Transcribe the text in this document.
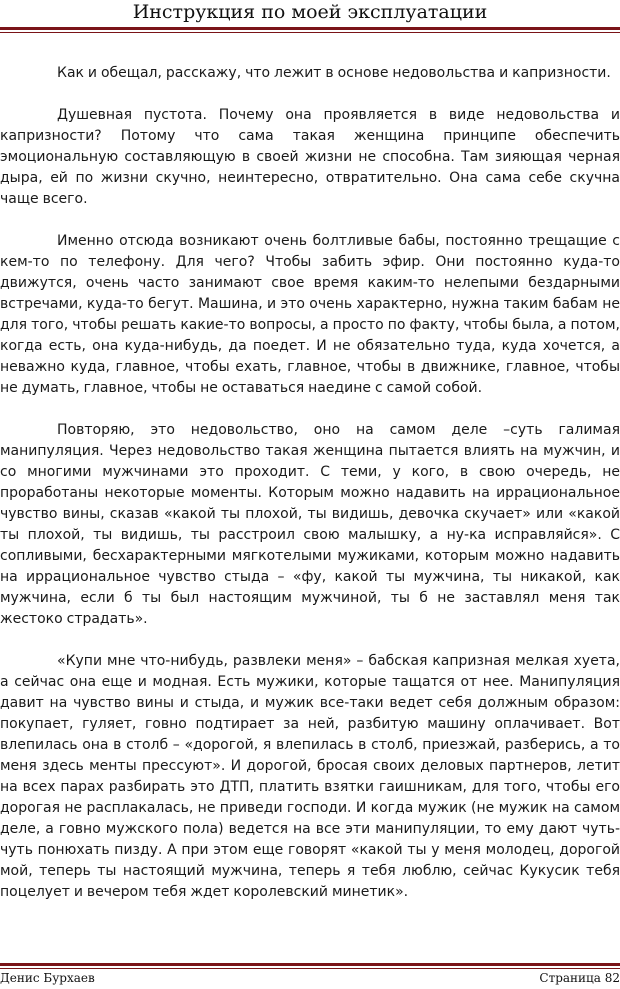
Инструкция по моей эксплуатации

Как и обещал, расскажу, что лежит в основе недовольства и капризности.

Душевная пустота. Почему она проявляется в виде недовольства и капризности? Потому что сама такая женщина принципе обеспечить эмоциональную составляющую в своей жизни не способна. Там зияющая черная дыра, ей по жизни скучно, неинтересно, отвратительно. Она сама себе скучна чаще всего.

Именно отсюда возникают очень болтливые бабы, постоянно трещащие с кем-то по телефону. Для чего? Чтобы забить эфир. Они постоянно куда-то движутся, очень часто занимают свое время каким-то нелепыми бездарными встречами, куда-то бегут. Машина, и это очень характерно, нужна таким бабам не для того, чтобы решать какие-то вопросы, а просто по факту, чтобы была, а потом, когда есть, она куда-нибудь, да поедет. И не обязательно туда, куда хочется, а неважно куда, главное, чтобы ехать, главное, чтобы в движнике, главное, чтобы не думать, главное, чтобы не оставаться наедине с самой собой.

Повторяю, это недовольство, оно на самом деле –суть галимая манипуляция. Через недовольство такая женщина пытается влиять на мужчин, и со многими мужчинами это проходит. С теми, у кого, в свою очередь, не проработаны некоторые моменты. Которым можно надавить на иррациональное чувство вины, сказав «какой ты плохой, ты видишь, девочка скучает» или «какой ты плохой, ты видишь, ты расстроил свою малышку, а ну-ка исправляйся». С сопливыми, бесхарактерными мягкотелыми мужиками, которым можно надавить на иррациональное чувство стыда – «фу, какой ты мужчина, ты никакой, как мужчина, если б ты был настоящим мужчиной, ты б не заставлял меня так жестоко страдать».

«Купи мне что-нибудь, развлеки меня» – бабская капризная мелкая хуета, а сейчас она еще и модная. Есть мужики, которые тащатся от нее. Манипуляция давит на чувство вины и стыда, и мужик все-таки ведет себя должным образом: покупает, гуляет, говно подтирает за ней, разбитую машину оплачивает. Вот влепилась она в столб – «дорогой, я влепилась в столб, приезжай, разберись, а то меня здесь менты прессуют». И дорогой, бросая своих деловых партнеров, летит на всех парах разбирать это ДТП, платить взятки гаишникам, для того, чтобы его дорогая не расплакалась, не приведи господи. И когда мужик (не мужик на самом деле, а говно мужского пола) ведется на все эти манипуляции, то ему дают чуть-чуть понюхать пизду. А при этом еще говорят «какой ты у меня молодец, дорогой мой, теперь ты настоящий мужчина, теперь я тебя люблю, сейчас Кукусик тебя поцелует и вечером тебя ждет королевский минетик».

Денис Бурхаев	Страница 82
